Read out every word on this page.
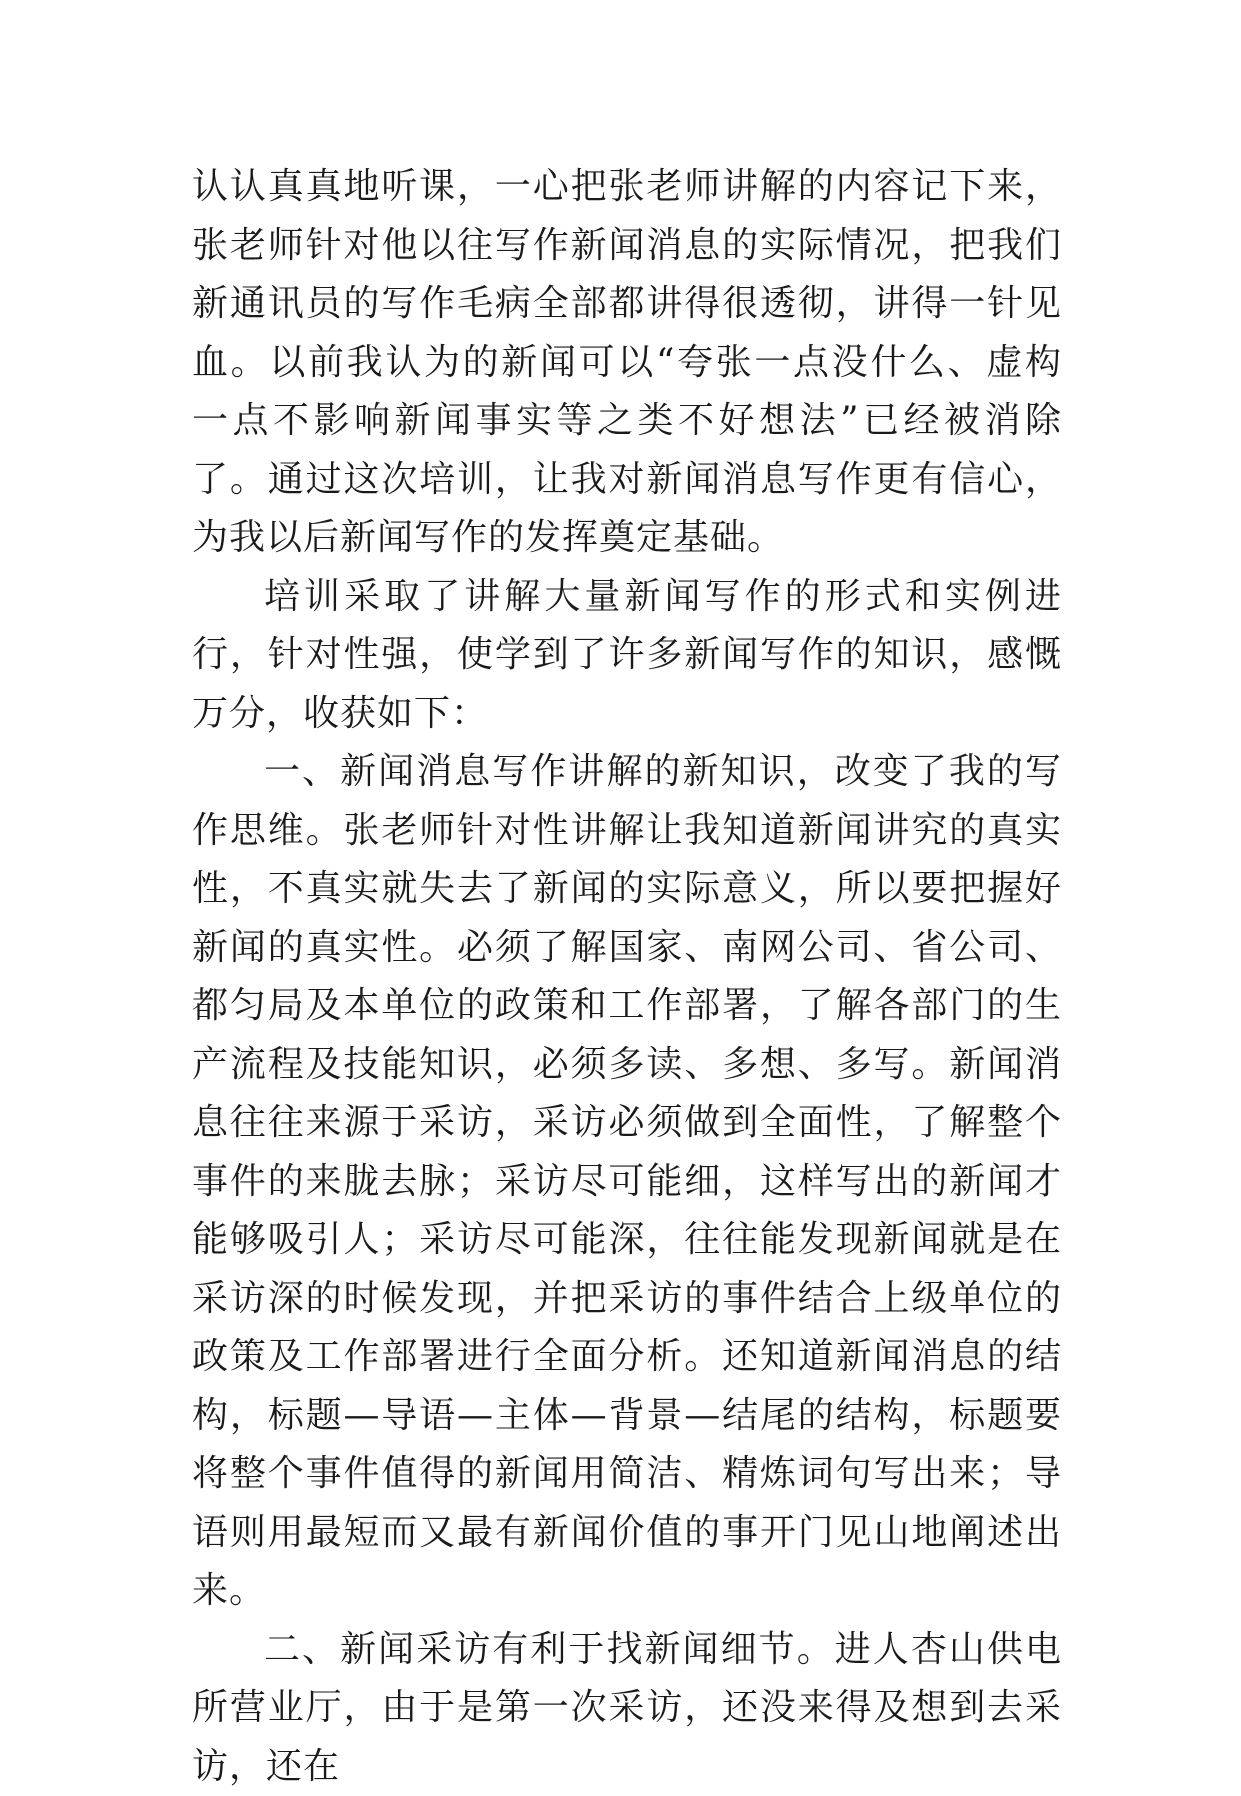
认认真真地听课，一心把张老师讲解的内容记下来，张老师针对他以往写作新闻消息的实际情况，把我们新通讯员的写作毛病全部都讲得很透彻，讲得一针见血。以前我认为的新闻可以“夸张一点没什么、虚构一点不影响新闻事实等之类不好想法”已经被消除了。通过这次培训，让我对新闻消息写作更有信心，为我以后新闻写作的发挥奠定基础。

培训采取了讲解大量新闻写作的形式和实例进行，针对性强，使学到了许多新闻写作的知识，感慨万分，收获如下：

一、新闻消息写作讲解的新知识，改变了我的写作思维。张老师针对性讲解让我知道新闻讲究的真实性，不真实就失去了新闻的实际意义，所以要把握好新闻的真实性。必须了解国家、南网公司、省公司、都匀局及本单位的政策和工作部署，了解各部门的生产流程及技能知识，必须多读、多想、多写。新闻消息往往来源于采访，采访必须做到全面性，了解整个事件的来胧去脉；采访尽可能细，这样写出的新闻才能够吸引人；采访尽可能深，往往能发现新闻就是在采访深的时候发现，并把采访的事件结合上级单位的政策及工作部署进行全面分析。还知道新闻消息的结构，标题—导语—主体—背景—结尾的结构，标题要将整个事件值得的新闻用简洁、精炼词句写出来；导语则用最短而又最有新闻价值的事开门见山地阐述出来。

二、新闻采访有利于找新闻细节。进人杏山供电所营业厅，由于是第一次采访，还没来得及想到去采访，还在
